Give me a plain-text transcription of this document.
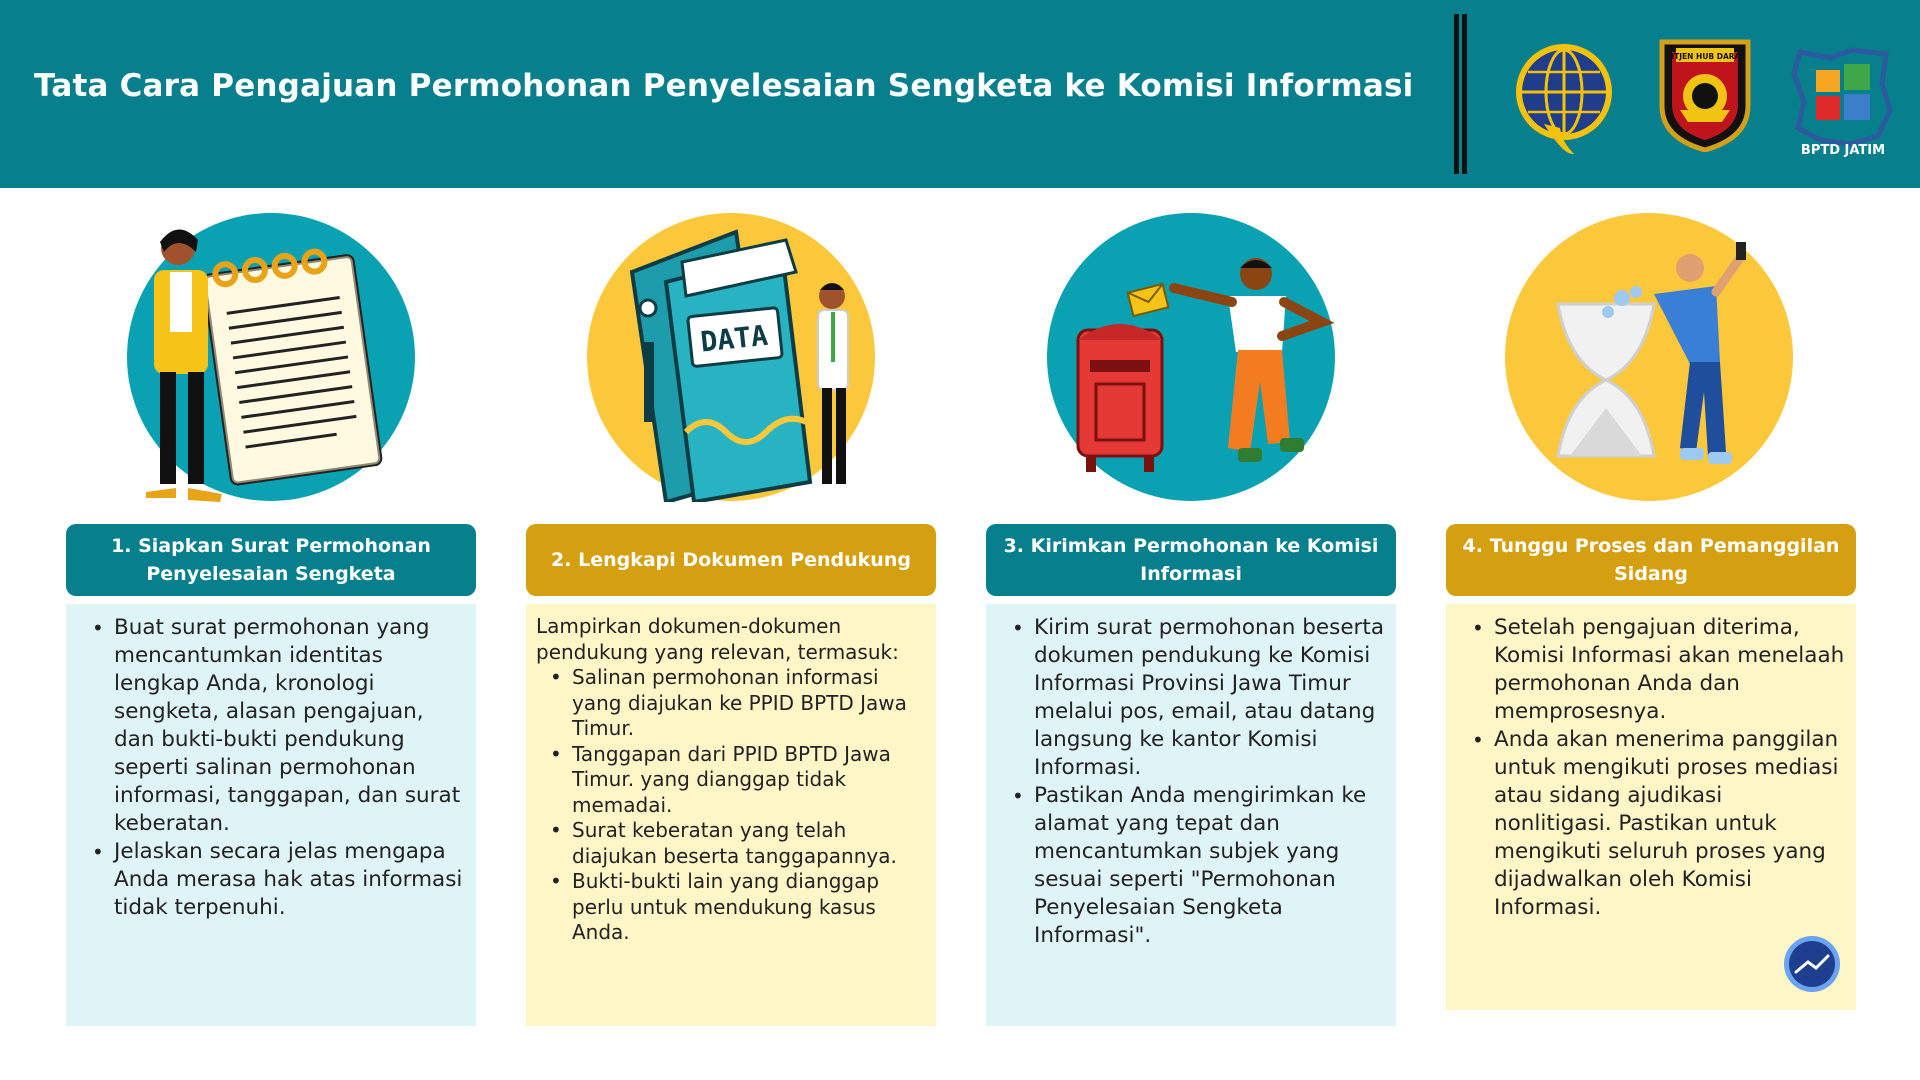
Tata Cara Pengajuan Permohonan Penyelesaian Sengketa ke Komisi Informasi
DITJEN HUB DARAT
BPTD JATIM
1. Siapkan Surat Permohonan Penyelesaian Sengketa
• Buat surat permohonan yang mencantumkan identitas lengkap Anda, kronologi sengketa, alasan pengajuan, dan bukti-bukti pendukung seperti salinan permohonan informasi, tanggapan, dan surat keberatan.
• Jelaskan secara jelas mengapa Anda merasa hak atas informasi tidak terpenuhi.
DATA
2. Lengkapi Dokumen Pendukung
Lampirkan dokumen-dokumen pendukung yang relevan, termasuk:
• Salinan permohonan informasi yang diajukan ke PPID BPTD Jawa Timur.
• Tanggapan dari PPID BPTD Jawa Timur. yang dianggap tidak memadai.
• Surat keberatan yang telah diajukan beserta tanggapannya.
• Bukti-bukti lain yang dianggap perlu untuk mendukung kasus Anda.
3. Kirimkan Permohonan ke Komisi Informasi
• Kirim surat permohonan beserta dokumen pendukung ke Komisi Informasi Provinsi Jawa Timur melalui pos, email, atau datang langsung ke kantor Komisi Informasi.
• Pastikan Anda mengirimkan ke alamat yang tepat dan mencantumkan subjek yang sesuai seperti "Permohonan Penyelesaian Sengketa Informasi".
4. Tunggu Proses dan Pemanggilan Sidang
• Setelah pengajuan diterima, Komisi Informasi akan menelaah permohonan Anda dan memprosesnya.
• Anda akan menerima panggilan untuk mengikuti proses mediasi atau sidang ajudikasi nonlitigasi. Pastikan untuk mengikuti seluruh proses yang dijadwalkan oleh Komisi Informasi.
